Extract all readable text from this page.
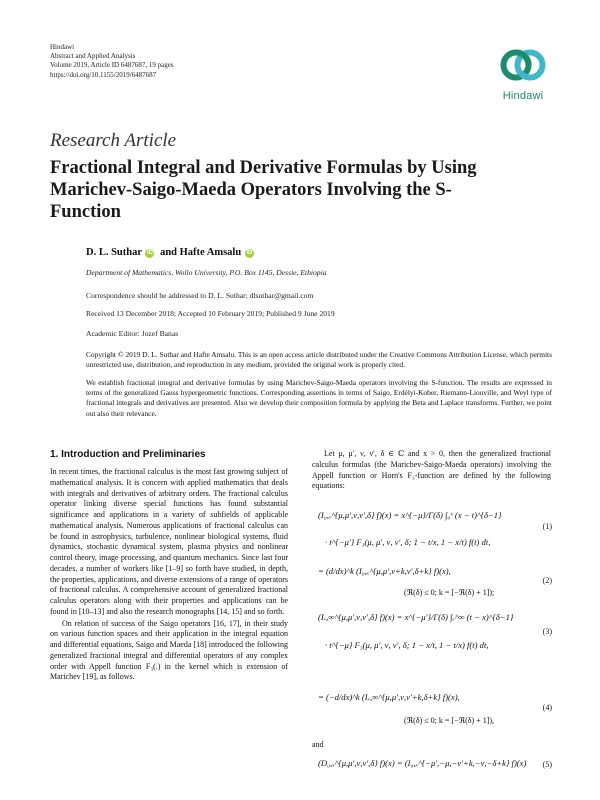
Hindawi
Abstract and Applied Analysis
Volume 2019, Article ID 6487687, 19 pages
https://doi.org/10.1155/2019/6487687
Hindawi
Research Article
Fractional Integral and Derivative Formulas by Using Marichev-Saigo-Maeda Operators Involving the S-Function
D. L. Suthar iD and Hafte Amsalu iD
Department of Mathematics, Wollo University, P.O. Box 1145, Dessie, Ethiopia
Correspondence should be addressed to D. L. Suthar; dlsuthar@gmail.com
Received 13 December 2018; Accepted 10 February 2019; Published 9 June 2019
Academic Editor: Jozef Banas
Copyright © 2019 D. L. Suthar and Hafte Amsalu. This is an open access article distributed under the Creative Commons Attribution License, which permits unrestricted use, distribution, and reproduction in any medium, provided the original work is properly cited.
We establish fractional integral and derivative formulas by using Marichev-Saigo-Maeda operators involving the S-function. The results are expressed in terms of the generalized Gauss hypergeometric functions. Corresponding assertions in terms of Saigo, Erdélyi-Kober, Riemann-Liouville, and Weyl type of fractional integrals and derivatives are presented. Also we develop their composition formula by applying the Beta and Laplace transforms. Further, we point out also their relevance.
1. Introduction and Preliminaries

In recent times, the fractional calculus is the most fast growing subject of mathematical analysis. It is concern with applied mathematics that deals with integrals and derivatives of arbitrary orders. The fractional calculus operator linking diverse special functions has found substantial significance and applications in a variety of subfields of applicable mathematical analysis. Numerous applications of fractional calculus can be found in astrophysics, turbulence, nonlinear biological systems, fluid dynamics, stochastic dynamical system, plasma physics and nonlinear control theory, image processing, and quantum mechanics. Since last four decades, a number of workers like [1–9] so forth have studied, in depth, the properties, applications, and diverse extensions of a range of operators of fractional calculus. A comprehensive account of generalized fractional calculus operators along with their properties and applications can be found in [10–13] and also the research monographs [14, 15] and so forth.

On relation of success of the Saigo operators [16, 17], in their study on various function spaces and their application in the integral equation and differential equations, Saigo and Maeda [18] introduced the following generalized fractional integral and differential operators of any complex order with Appell function F₃(.) in the kernel which is extension of Marichev [19], as follows.

Let μ, μ′, ν, ν′, δ ∈ ℂ and x > 0, then the generalized fractional calculus formulas (the Marichev-Saigo-Maeda operators) involving the Appell function or Horn's F₃-function are defined by the following equations:

(I₀,ₓ^{μ,μ′,ν,ν′,δ} f)(x) = x^{−μ}/Γ(δ) ∫₀ˣ (x − t)^{δ−1}
(1)
· t^{−μ′} F₃(μ, μ′, ν, ν′, δ; 1 − t/x, 1 − x/t) f(t) dt,
= (d/dx)^k (I₀,ₓ^{μ,μ′,ν+k,ν′,δ+k} f)(x),
(2)
(ℜ(δ) ≤ 0; k = [−ℜ(δ) + 1]);
(Iₓ,∞^{μ,μ′,ν,ν′,δ} f)(x) = x^{−μ′}/Γ(δ) ∫ₓ^∞ (t − x)^{δ−1}
(3)
· t^{−μ} F₃(μ, μ′, ν, ν′, δ; 1 − x/t, 1 − t/x) f(t) dt,
= (−d/dx)^k (Iₓ,∞^{μ,μ′,ν,ν′+k,δ+k} f)(x),
(4)
(ℜ(δ) ≤ 0; k = [−ℜ(δ) + 1]),
and
(D₀,ₓ^{μ,μ′,ν,ν′,δ} f)(x) = (I₀,ₓ^{−μ′,−μ,−ν′+k,−ν,−δ+k} f)(x) (5)
